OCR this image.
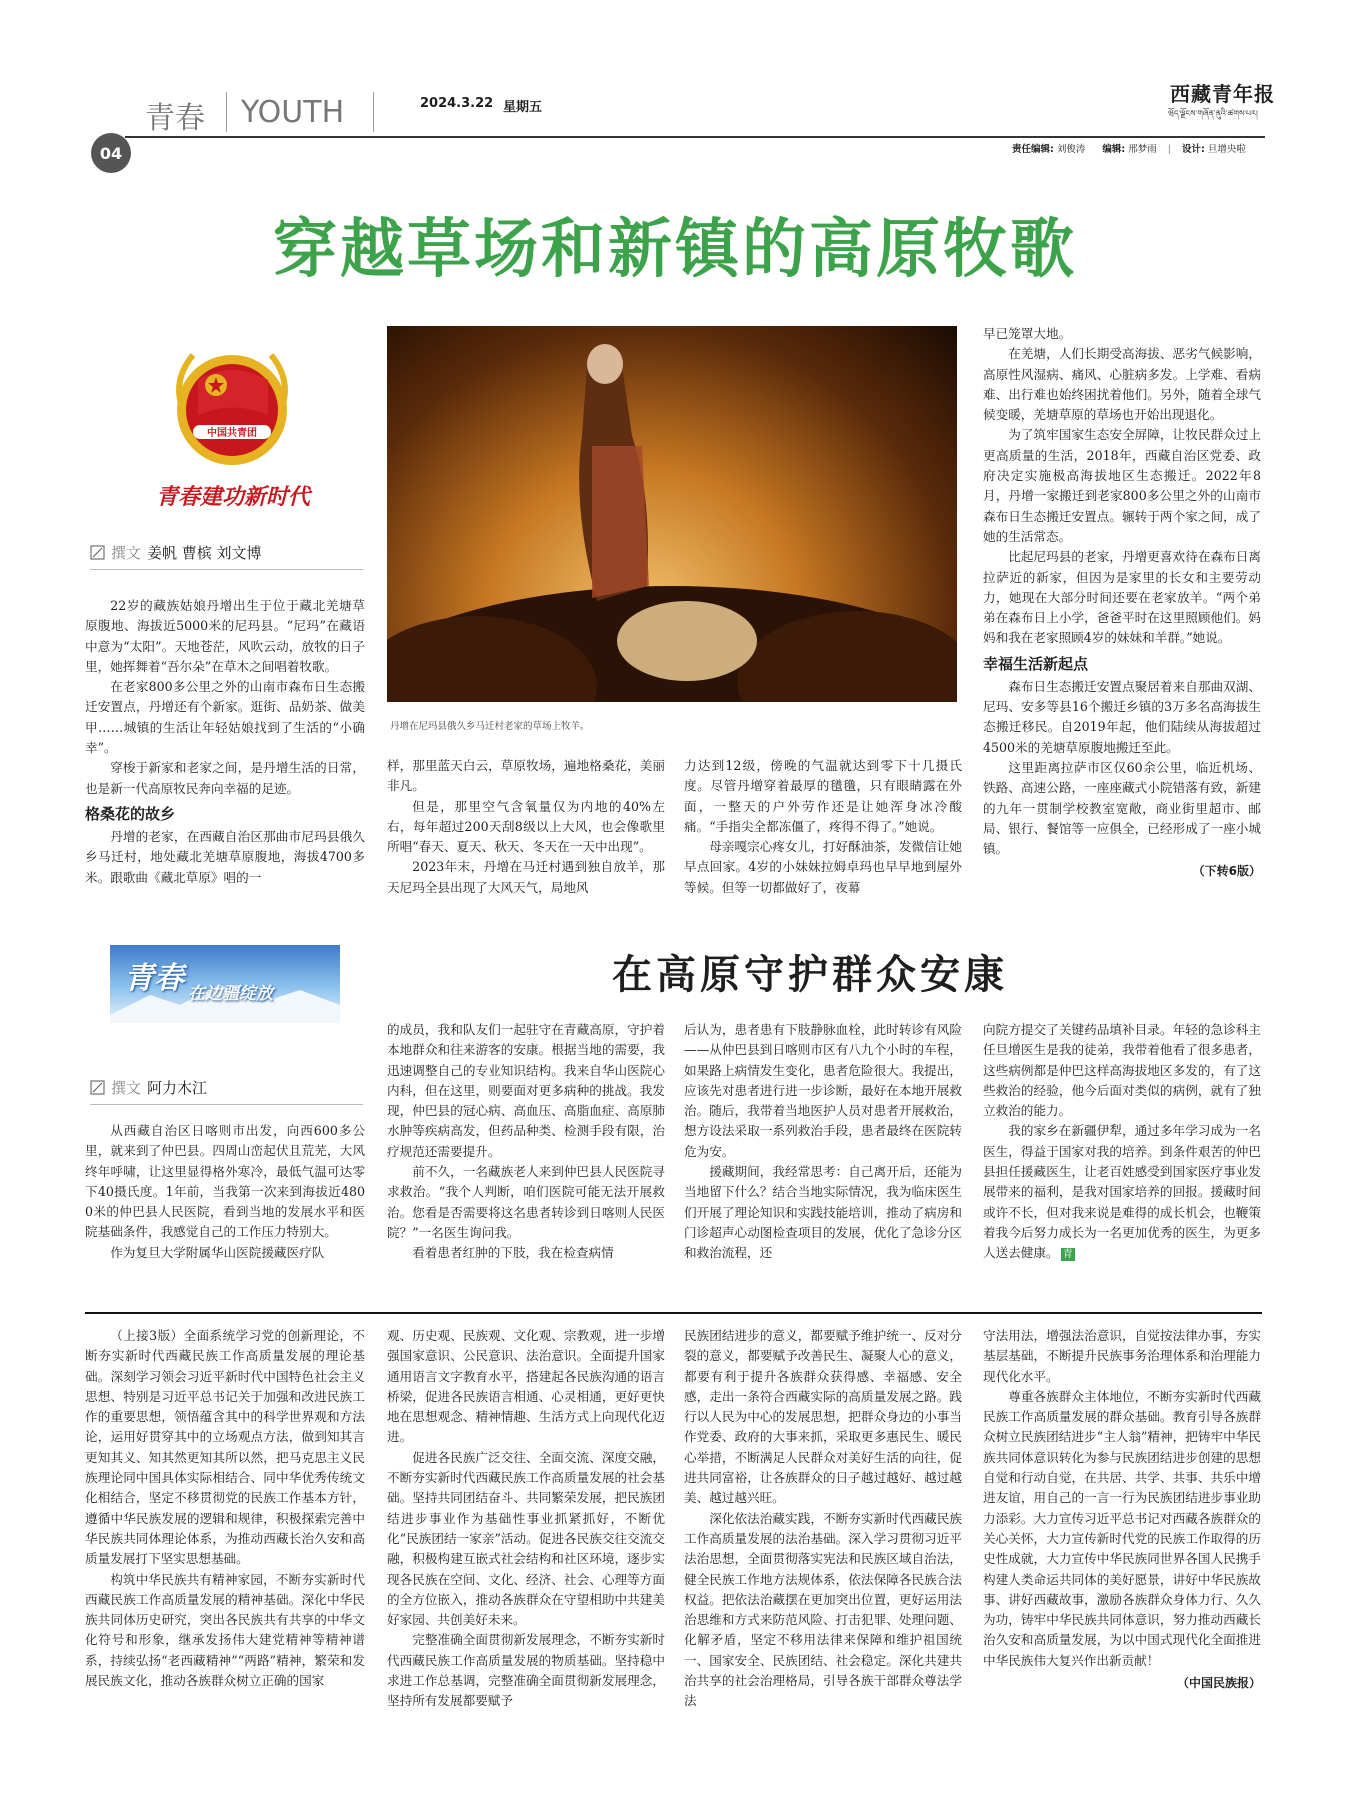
青春 YOUTH	2024.3.22 星期五
西藏青年报
ཝོད་ལྗོངས་གཞོན་ནུའི་ཚགས་པར།
04	责任编辑: 刘俊涛 编辑: 邢梦雨 | 设计: 旦增央啦
穿越草场和新镇的高原牧歌
中国共青团
青春建功新时代
撰文 姜帆 曹槟 刘文博
丹增在尼玛县俄久乡马迁村老家的草场上牧羊。

22岁的藏族姑娘丹增出生于位于藏北羌塘草原腹地、海拔近5000米的尼玛县。“尼玛”在藏语中意为“太阳”。天地苍茫，风吹云动，放牧的日子里，她挥舞着“吾尔朵”在草木之间唱着牧歌。

在老家800多公里之外的山南市森布日生态搬迁安置点，丹增还有个新家。逛街、品奶茶、做美甲……城镇的生活让年轻姑娘找到了生活的“小确幸”。

穿梭于新家和老家之间，是丹增生活的日常，也是新一代高原牧民奔向幸福的足迹。

格桑花的故乡

丹增的老家，在西藏自治区那曲市尼玛县俄久乡马迁村，地处藏北羌塘草原腹地，海拔4700多米。跟歌曲《藏北草原》唱的一

样，那里蓝天白云，草原牧场，遍地格桑花，美丽非凡。

但是，那里空气含氧量仅为内地的40%左右，每年超过200天刮8级以上大风，也会像歌里所唱“春天、夏天、秋天、冬天在一天中出现”。

2023年末，丹增在马迁村遇到独自放羊，那天尼玛全县出现了大风天气，局地风

力达到12级，傍晚的气温就达到零下十几摄氏度。尽管丹增穿着最厚的氆氇，只有眼睛露在外面，一整天的户外劳作还是让她浑身冰冷酸痛。“手指尖全都冻僵了，疼得不得了。”她说。

母亲嘎宗心疼女儿，打好酥油茶，发微信让她早点回家。4岁的小妹妹拉姆卓玛也早早地到屋外等候。但等一切都做好了，夜幕

早已笼罩大地。

在羌塘，人们长期受高海拔、恶劣气候影响，高原性风湿病、痛风、心脏病多发。上学难、看病难、出行难也始终困扰着他们。另外，随着全球气候变暖，羌塘草原的草场也开始出现退化。

为了筑牢国家生态安全屏障，让牧民群众过上更高质量的生活，2018年，西藏自治区党委、政府决定实施极高海拔地区生态搬迁。2022年8月，丹增一家搬迁到老家800多公里之外的山南市森布日生态搬迁安置点。辗转于两个家之间，成了她的生活常态。

比起尼玛县的老家，丹增更喜欢待在森布日离拉萨近的新家，但因为是家里的长女和主要劳动力，她现在大部分时间还要在老家放羊。“两个弟弟在森布日上小学，爸爸平时在这里照顾他们。妈妈和我在老家照顾4岁的妹妹和羊群。”她说。

幸福生活新起点

森布日生态搬迁安置点聚居着来自那曲双湖、尼玛、安多等县16个搬迁乡镇的3万多名高海拔生态搬迁移民。自2019年起，他们陆续从海拔超过4500米的羌塘草原腹地搬迁至此。

这里距离拉萨市区仅60余公里，临近机场、铁路、高速公路，一座座藏式小院错落有致，新建的九年一贯制学校教室宽敞，商业街里超市、邮局、银行、餐馆等一应俱全，已经形成了一座小城镇。

（下转6版）
青春 在边疆绽放	在高原守护群众安康
撰文 阿力木江

从西藏自治区日喀则市出发，向西600多公里，就来到了仲巴县。四周山峦起伏且荒芜，大风终年呼啸，让这里显得格外寒冷，最低气温可达零下40摄氏度。1年前，当我第一次来到海拔近4800米的仲巴县人民医院，看到当地的发展水平和医院基础条件，我感觉自己的工作压力特别大。

作为复旦大学附属华山医院援藏医疗队

的成员，我和队友们一起驻守在青藏高原，守护着本地群众和往来游客的安康。根据当地的需要，我迅速调整自己的专业知识结构。我来自华山医院心内科，但在这里，则要面对更多病种的挑战。我发现，仲巴县的冠心病、高血压、高脂血症、高原肺水肿等疾病高发，但药品种类、检测手段有限，治疗规范还需要提升。

前不久，一名藏族老人来到仲巴县人民医院寻求救治。“我个人判断，咱们医院可能无法开展救治。您看是否需要将这名患者转诊到日喀则人民医院？”一名医生询问我。

看着患者红肿的下肢，我在检查病情

后认为，患者患有下肢静脉血栓，此时转诊有风险——从仲巴县到日喀则市区有八九个小时的车程，如果路上病情发生变化，患者危险很大。我提出，应该先对患者进行进一步诊断，最好在本地开展救治。随后，我带着当地医护人员对患者开展救治，想方设法采取一系列救治手段，患者最终在医院转危为安。

援藏期间，我经常思考：自己离开后，还能为当地留下什么？结合当地实际情况，我为临床医生们开展了理论知识和实践技能培训，推动了病房和门诊超声心动图检查项目的发展，优化了急诊分区和救治流程，还

向院方提交了关键药品填补目录。年轻的急诊科主任旦增医生是我的徒弟，我带着他看了很多患者，这些病例都是仲巴这样高海拔地区多发的，有了这些救治的经验，他今后面对类似的病例，就有了独立救治的能力。

我的家乡在新疆伊犁，通过多年学习成为一名医生，得益于国家对我的培养。到条件艰苦的仲巴县担任援藏医生，让老百姓感受到国家医疗事业发展带来的福利，是我对国家培养的回报。援藏时间或许不长，但对我来说是难得的成长机会，也鞭策着我今后努力成长为一名更加优秀的医生，为更多人送去健康。 青

（上接3版）全面系统学习党的创新理论，不断夯实新时代西藏民族工作高质量发展的理论基础。深刻学习领会习近平新时代中国特色社会主义思想、特别是习近平总书记关于加强和改进民族工作的重要思想，领悟蕴含其中的科学世界观和方法论，运用好贯穿其中的立场观点方法，做到知其言更知其义、知其然更知其所以然，把马克思主义民族理论同中国具体实际相结合、同中华优秀传统文化相结合，坚定不移贯彻党的民族工作基本方针，遵循中华民族发展的逻辑和规律，积极探索完善中华民族共同体理论体系，为推动西藏长治久安和高质量发展打下坚实思想基础。

构筑中华民族共有精神家园，不断夯实新时代西藏民族工作高质量发展的精神基础。深化中华民族共同体历史研究，突出各民族共有共享的中华文化符号和形象，继承发扬伟大建党精神等精神谱系，持续弘扬“老西藏精神”“两路”精神，繁荣和发展民族文化，推动各族群众树立正确的国家

观、历史观、民族观、文化观、宗教观，进一步增强国家意识、公民意识、法治意识。全面提升国家通用语言文字教育水平，搭建起各民族沟通的语言桥梁，促进各民族语言相通、心灵相通，更好更快地在思想观念、精神情趣、生活方式上向现代化迈进。

促进各民族广泛交往、全面交流、深度交融，不断夯实新时代西藏民族工作高质量发展的社会基础。坚持共同团结奋斗、共同繁荣发展，把民族团结进步事业作为基础性事业抓紧抓好，不断优化“民族团结一家亲”活动。促进各民族交往交流交融，积极构建互嵌式社会结构和社区环境，逐步实现各民族在空间、文化、经济、社会、心理等方面的全方位嵌入，推动各族群众在守望相助中共建美好家园、共创美好未来。

完整准确全面贯彻新发展理念，不断夯实新时代西藏民族工作高质量发展的物质基础。坚持稳中求进工作总基调，完整准确全面贯彻新发展理念，坚持所有发展都要赋予

民族团结进步的意义，都要赋予维护统一、反对分裂的意义，都要赋予改善民生、凝聚人心的意义，都要有利于提升各族群众获得感、幸福感、安全感，走出一条符合西藏实际的高质量发展之路。践行以人民为中心的发展思想，把群众身边的小事当作党委、政府的大事来抓，采取更多惠民生、暖民心举措，不断满足人民群众对美好生活的向往，促进共同富裕，让各族群众的日子越过越好、越过越美、越过越兴旺。

深化依法治藏实践，不断夯实新时代西藏民族工作高质量发展的法治基础。深入学习贯彻习近平法治思想，全面贯彻落实宪法和民族区域自治法，健全民族工作地方法规体系，依法保障各民族合法权益。把依法治藏摆在更加突出位置，更好运用法治思维和方式来防范风险、打击犯罪、处理问题、化解矛盾，坚定不移用法律来保障和维护祖国统一、国家安全、民族团结、社会稳定。深化共建共治共享的社会治理格局，引导各族干部群众尊法学法

守法用法，增强法治意识，自觉按法律办事，夯实基层基础，不断提升民族事务治理体系和治理能力现代化水平。

尊重各族群众主体地位，不断夯实新时代西藏民族工作高质量发展的群众基础。教育引导各族群众树立民族团结进步“主人翁”精神，把铸牢中华民族共同体意识转化为参与民族团结进步创建的思想自觉和行动自觉，在共居、共学、共事、共乐中增进友谊，用自己的一言一行为民族团结进步事业助力添彩。大力宣传习近平总书记对西藏各族群众的关心关怀，大力宣传新时代党的民族工作取得的历史性成就，大力宣传中华民族同世界各国人民携手构建人类命运共同体的美好愿景，讲好中华民族故事、讲好西藏故事，激励各族群众身体力行、久久为功，铸牢中华民族共同体意识，努力推动西藏长治久安和高质量发展，为以中国式现代化全面推进中华民族伟大复兴作出新贡献！

（中国民族报）
